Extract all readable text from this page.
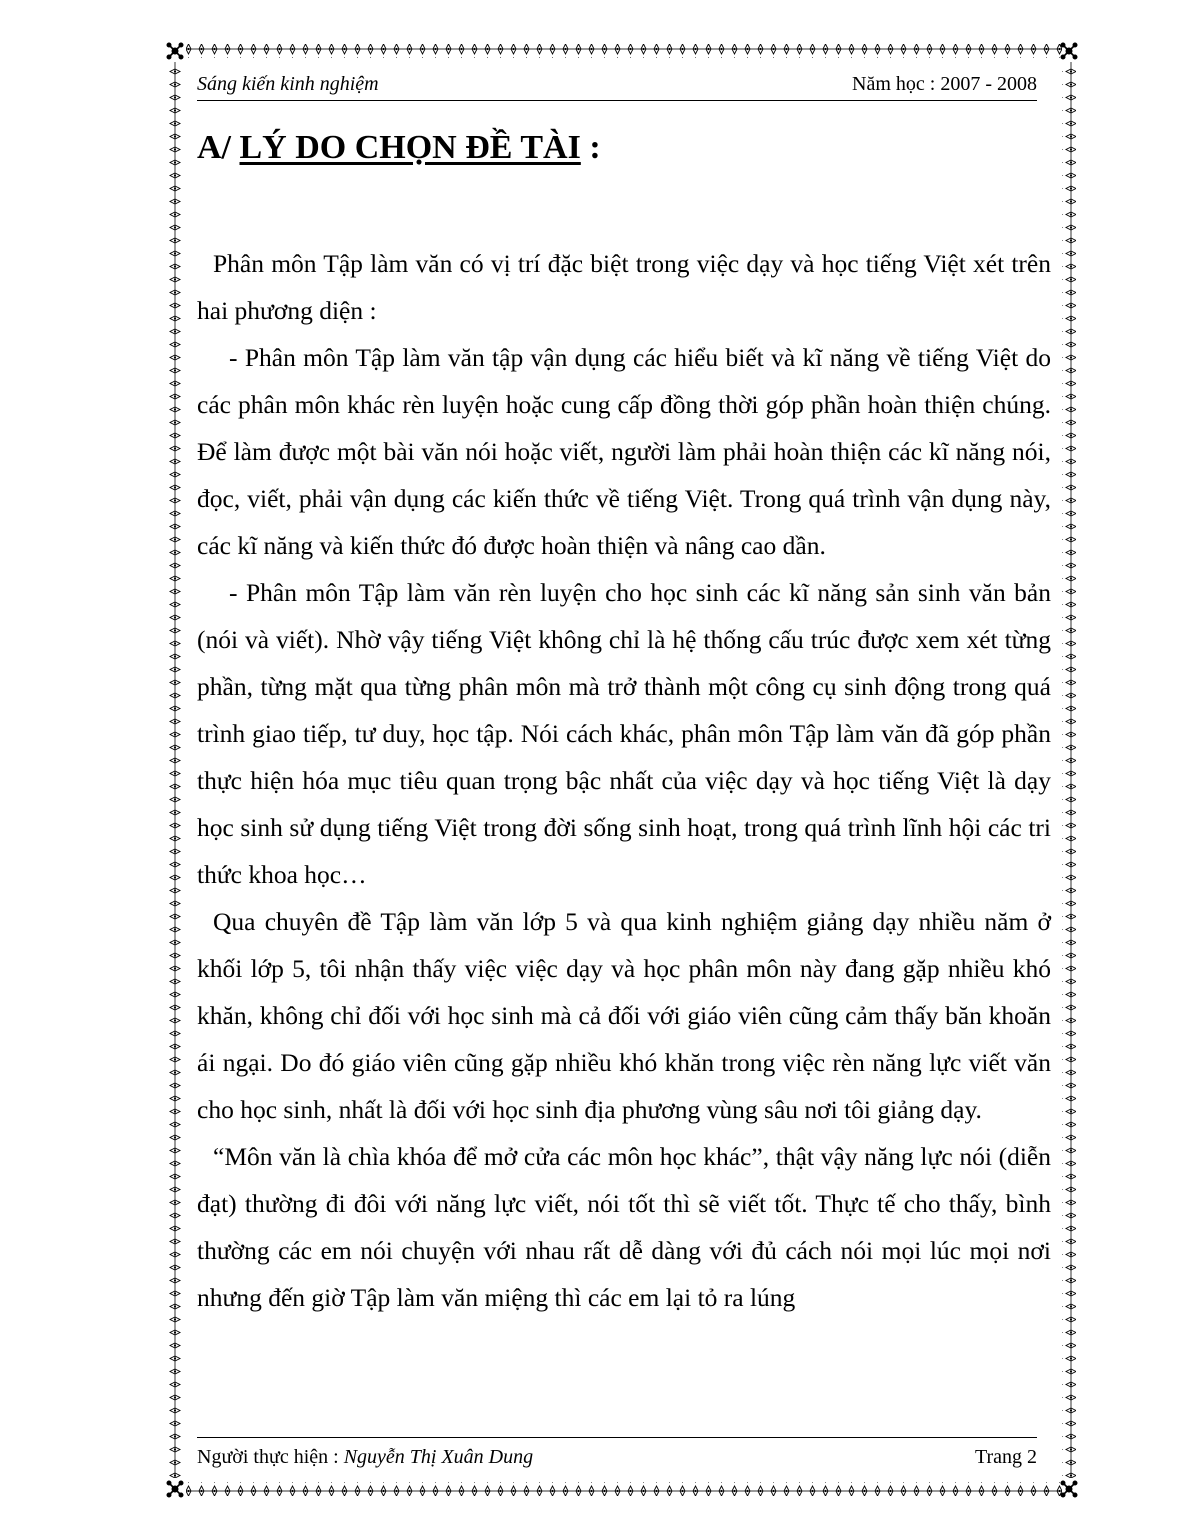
Sáng kiến kinh nghiệm	Năm học : 2007 - 2008
A/ LÝ DO CHỌN ĐỀ TÀI :

Phân môn Tập làm văn có vị trí đặc biệt trong việc dạy và học tiếng Việt xét trên hai phương diện :

- Phân môn Tập làm văn tập vận dụng các hiểu biết và kĩ năng về tiếng Việt do các phân môn khác rèn luyện hoặc cung cấp đồng thời góp phần hoàn thiện chúng. Để làm được một bài văn nói hoặc viết, người làm phải hoàn thiện các kĩ năng nói, đọc, viết, phải vận dụng các kiến thức về tiếng Việt. Trong quá trình vận dụng này, các kĩ năng và kiến thức đó được hoàn thiện và nâng cao dần.

- Phân môn Tập làm văn rèn luyện cho học sinh các kĩ năng sản sinh văn bản (nói và viết). Nhờ vậy tiếng Việt không chỉ là hệ thống cấu trúc được xem xét từng phần, từng mặt qua từng phân môn mà trở thành một công cụ sinh động trong quá trình giao tiếp, tư duy, học tập. Nói cách khác, phân môn Tập làm văn đã góp phần thực hiện hóa mục tiêu quan trọng bậc nhất của việc dạy và học tiếng Việt là dạy học sinh sử dụng tiếng Việt trong đời sống sinh hoạt, trong quá trình lĩnh hội các tri thức khoa học…

Qua chuyên đề Tập làm văn lớp 5 và qua kinh nghiệm giảng dạy nhiều năm ở khối lớp 5, tôi nhận thấy việc việc dạy và học phân môn này đang gặp nhiều khó khăn, không chỉ đối với học sinh mà cả đối với giáo viên cũng cảm thấy băn khoăn ái ngại. Do đó giáo viên cũng gặp nhiều khó khăn trong việc rèn năng lực viết văn cho học sinh, nhất là đối với học sinh địa phương vùng sâu nơi tôi giảng dạy.

“Môn văn là chìa khóa để mở cửa các môn học khác”, thật vậy năng lực nói (diễn đạt) thường đi đôi với năng lực viết, nói tốt thì sẽ viết tốt. Thực tế cho thấy, bình thường các em nói chuyện với nhau rất dễ dàng với đủ cách nói mọi lúc mọi nơi nhưng đến giờ Tập làm văn miệng thì các em lại tỏ ra lúng

Người thực hiện : Nguyễn Thị Xuân Dung	Trang 2
